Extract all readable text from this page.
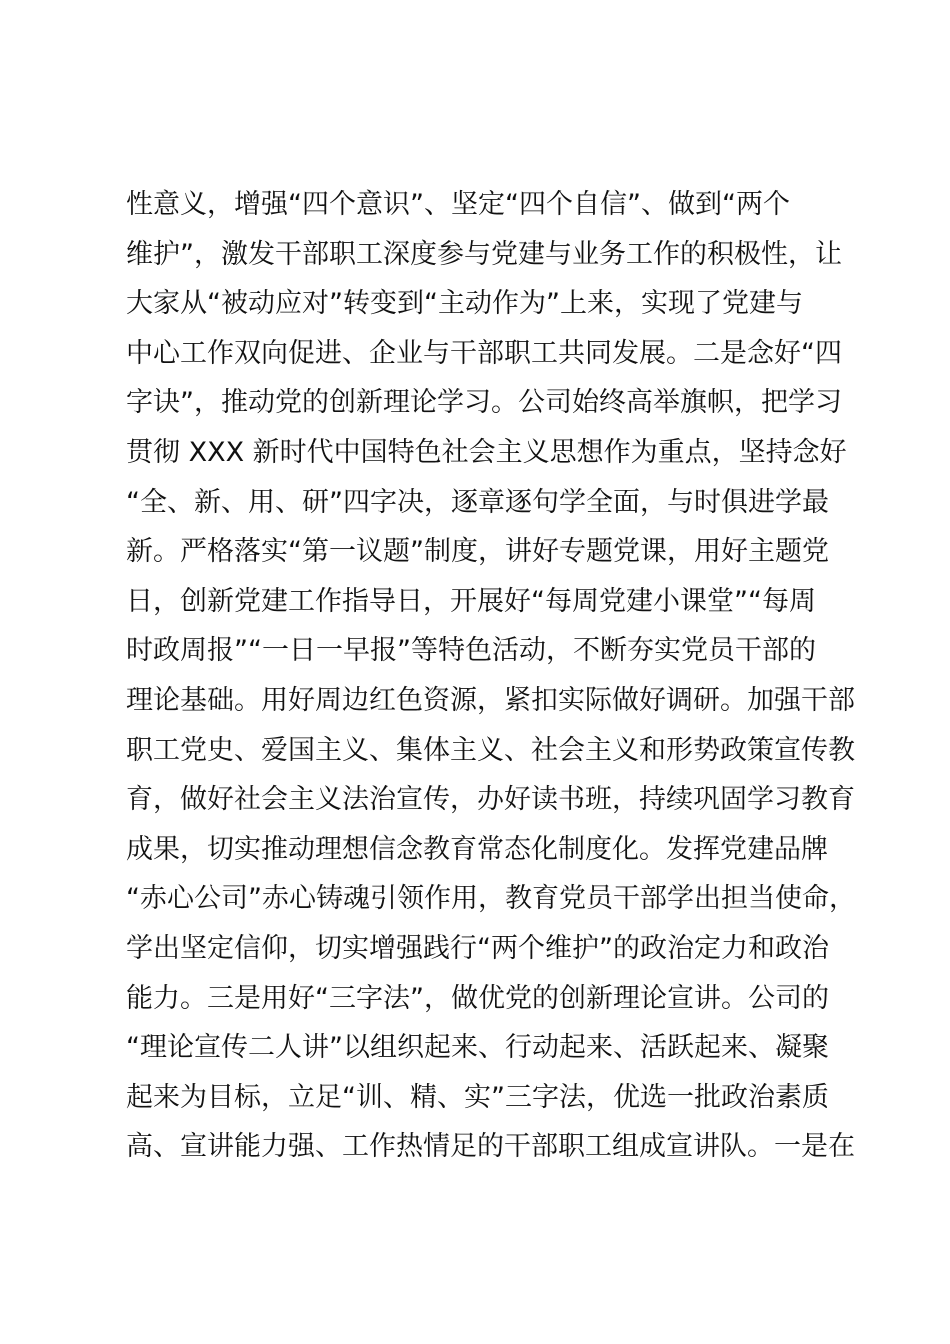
性意义，增强“四个意识”、坚定“四个自信”、做到“两个
维护”，激发干部职工深度参与党建与业务工作的积极性，让
大家从“被动应对”转变到“主动作为”上来，实现了党建与
中心工作双向促进、企业与干部职工共同发展。二是念好“四
字诀”，推动党的创新理论学习。公司始终高举旗帜，把学习
贯彻 XXX 新时代中国特色社会主义思想作为重点，坚持念好
“全、新、用、研”四字决，逐章逐句学全面，与时俱进学最
新。严格落实“第一议题”制度，讲好专题党课，用好主题党
日，创新党建工作指导日，开展好“每周党建小课堂”“每周
时政周报”“一日一早报”等特色活动，不断夯实党员干部的
理论基础。用好周边红色资源，紧扣实际做好调研。加强干部
职工党史、爱国主义、集体主义、社会主义和形势政策宣传教
育，做好社会主义法治宣传，办好读书班，持续巩固学习教育
成果，切实推动理想信念教育常态化制度化。发挥党建品牌
“赤心公司”赤心铸魂引领作用，教育党员干部学出担当使命，
学出坚定信仰，切实增强践行“两个维护”的政治定力和政治
能力。三是用好“三字法”，做优党的创新理论宣讲。公司的
“理论宣传二人讲”以组织起来、行动起来、活跃起来、凝聚
起来为目标，立足“训、精、实”三字法，优选一批政治素质
高、宣讲能力强、工作热情足的干部职工组成宣讲队。一是在
